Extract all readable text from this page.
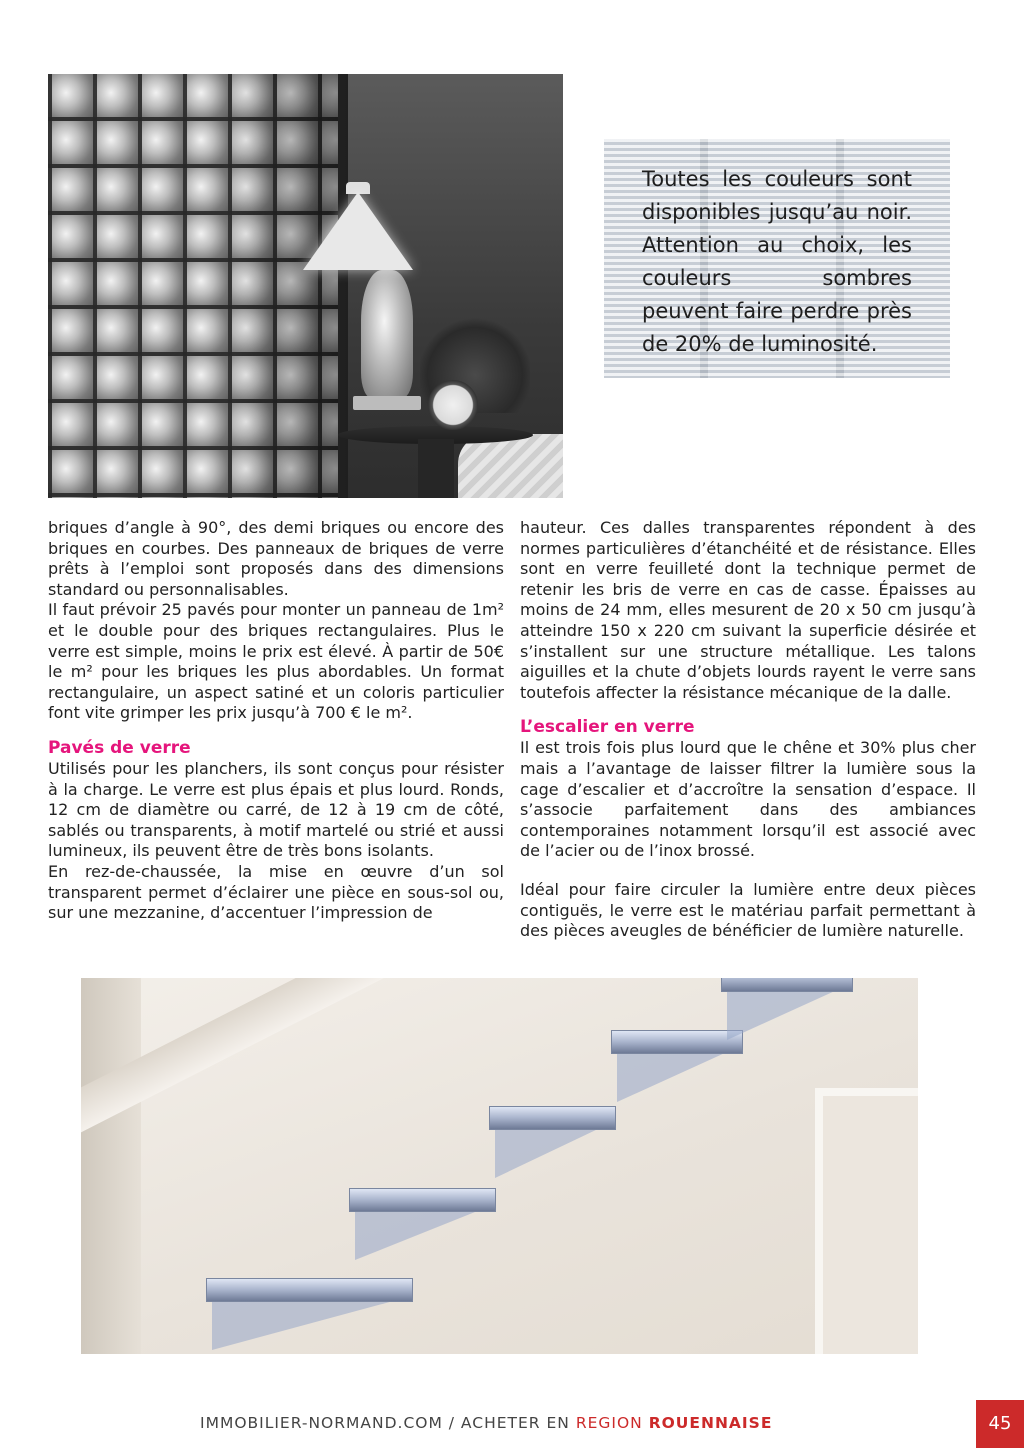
Toutes les couleurs sont disponibles jusqu’au noir. Attention au choix, les couleurs sombres peuvent faire perdre près de 20% de luminosité.

briques d’angle à 90°, des demi briques ou encore des briques en courbes. Des panneaux de briques de verre prêts à l’emploi sont proposés dans des dimensions standard ou personnalisables.

Il faut prévoir 25 pavés pour monter un panneau de 1m² et le double pour des briques rectangulaires. Plus le verre est simple, moins le prix est élevé. À partir de 50€ le m² pour les briques les plus abordables. Un format rectangulaire, un aspect satiné et un coloris particulier font vite grimper les prix jusqu’à 700 € le m².

Pavés de verre

Utilisés pour les planchers, ils sont conçus pour résister à la charge. Le verre est plus épais et plus lourd. Ronds, 12 cm de diamètre ou carré, de 12 à 19 cm de côté, sablés ou transparents, à motif martelé ou strié et aussi lumineux, ils peuvent être de très bons isolants.

En rez-de-chaussée, la mise en œuvre d’un sol transparent permet d’éclairer une pièce en sous-sol ou, sur une mezzanine, d’accentuer l’impression de

hauteur. Ces dalles transparentes répondent à des normes particulières d’étanchéité et de résistance. Elles sont en verre feuilleté dont la technique permet de retenir les bris de verre en cas de casse. Épaisses au moins de 24 mm, elles mesurent de 20 x 50 cm jusqu’à atteindre 150 x 220 cm suivant la superficie désirée et s’installent sur une structure métallique. Les talons aiguilles et la chute d’objets lourds rayent le verre sans toutefois affecter la résistance mécanique de la dalle.

L’escalier en verre

Il est trois fois plus lourd que le chêne et 30% plus cher mais a l’avantage de laisser filtrer la lumière sous la cage d’escalier et d’accroître la sensation d’espace. Il s’associe parfaitement dans des ambiances contemporaines notamment lorsqu’il est associé avec de l’acier ou de l’inox brossé.

Idéal pour faire circuler la lumière entre deux pièces contiguës, le verre est le matériau parfait permettant à des pièces aveugles de bénéficier de lumière naturelle.

IMMOBILIER-NORMAND.COM / ACHETER EN REGION ROUENNAISE	45
